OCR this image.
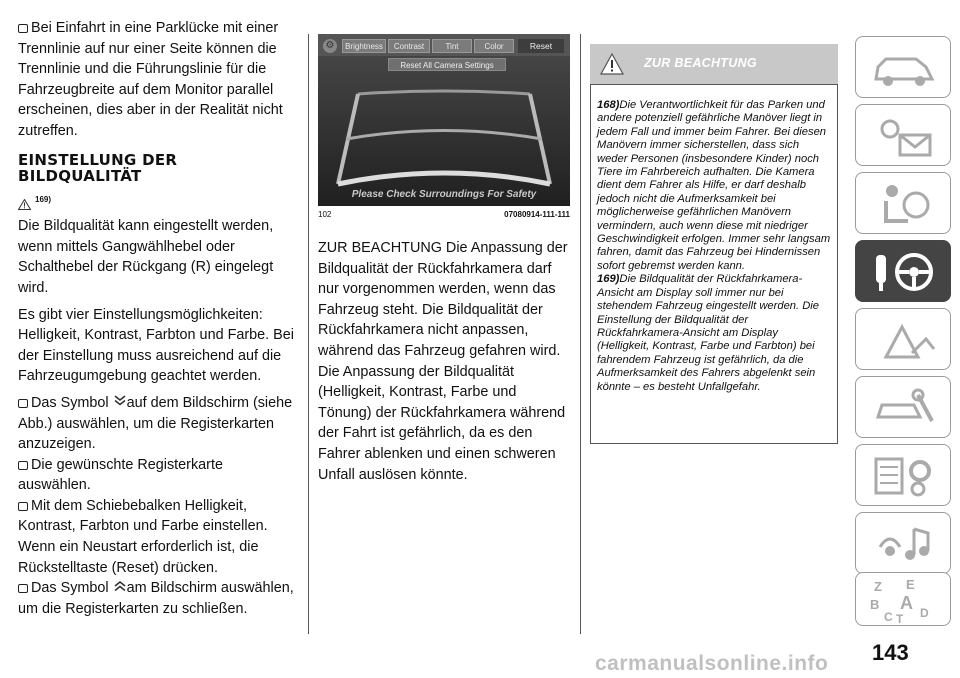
Bei Einfahrt in eine Parklücke mit einer Trennlinie auf nur einer Seite können die Trennlinie und die Führungslinie für die Fahrzeugbreite auf dem Monitor parallel erscheinen, dies aber in der Realität nicht zutreffen.

EINSTELLUNG DER
BILDQUALITÄT
169)

Die Bildqualität kann eingestellt werden, wenn mittels Gangwählhebel oder Schalthebel der Rückgang (R) eingelegt wird.

Es gibt vier Einstellungsmöglichkeiten: Helligkeit, Kontrast, Farbton und Farbe. Bei der Einstellung muss ausreichend auf die Fahrzeugumgebung geachtet werden.

Das Symbol auf dem Bildschirm (siehe Abb.) auswählen, um die Registerkarten anzuzeigen.

Die gewünschte Registerkarte auswählen.

Mit dem Schiebebalken Helligkeit, Kontrast, Farbton und Farbe einstellen. Wenn ein Neustart erforderlich ist, die Rückstelltaste (Reset) drücken.

Das Symbol am Bildschirm auswählen, um die Registerkarten zu schließen.

⚙	Brightness	Contrast	Tint	Color	Reset
Reset All Camera Settings
Please Check Surroundings For Safety
102	07080914-111-111

ZUR BEACHTUNG Die Anpassung der Bildqualität der Rückfahrkamera darf nur vorgenommen werden, wenn das Fahrzeug steht. Die Bildqualität der Rückfahrkamera nicht anpassen, während das Fahrzeug gefahren wird. Die Anpassung der Bildqualität (Helligkeit, Kontrast, Farbe und Tönung) der Rückfahrkamera während der Fahrt ist gefährlich, da es den Fahrer ablenken und einen schweren Unfall auslösen könnte.

ZUR BEACHTUNG
168)Die Verantwortlichkeit für das Parken und andere potenziell gefährliche Manöver liegt in jedem Fall und immer beim Fahrer. Bei diesen Manövern immer sicherstellen, dass sich weder Personen (insbesondere Kinder) noch Tiere im Fahrbereich aufhalten. Die Kamera dient dem Fahrer als Hilfe, er darf deshalb jedoch nicht die Aufmerksamkeit bei möglicherweise gefährlichen Manövern vermindern, auch wenn diese mit niedriger Geschwindigkeit erfolgen. Immer sehr langsam fahren, damit das Fahrzeug bei Hindernissen sofort gebremst werden kann.
169)Die Bildqualität der Rückfahrkamera-Ansicht am Display soll immer nur bei stehendem Fahrzeug eingestellt werden. Die Einstellung der Bildqualität der Rückfahrkamera-Ansicht am Display (Helligkeit, Kontrast, Farbe und Farbton) bei fahrendem Fahrzeug ist gefährlich, da die Aufmerksamkeit des Fahrers abgelenkt sein könnte – es besteht Unfallgefahr.
Z E
B A
C T D
143
carmanualsonline.info
